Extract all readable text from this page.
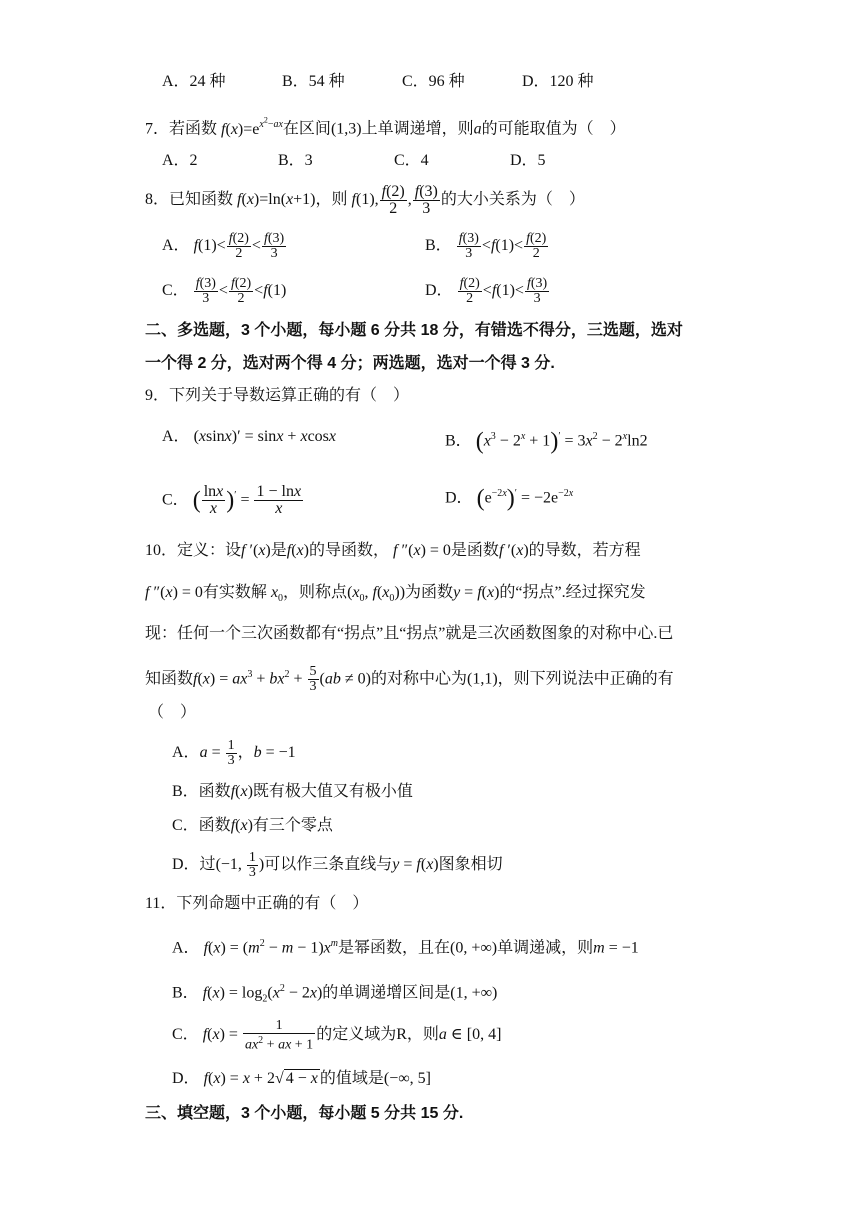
A．24 种	B．54 种	C．96 种	D．120 种
7．若函数 $f(x)=e^{x^2-ax}$在区间(1,3)上单调递增，则a的可能取值为（　）
A．2	B．3	C．4	D．5
8．已知函数 f(x)=ln(x+1)，则 f(1), $\frac{f(2)}{2}$ , $\frac{f(3)}{3}$ 的大小关系为（　）
A． $f(1)< \frac{f(2)}{2} < \frac{f(3)}{3}$	B． $\frac{f(3)}{3} <f(1)< \frac{f(2)}{2}$
C． $\frac{f(3)}{3} < \frac{f(2)}{2} <f(1)$	D． $\frac{f(2)}{2} <f(1)< \frac{f(3)}{3}$
二、多选题，3 个小题，每小题 6 分共 18 分，有错选不得分，三选题，选对
一个得 2 分，选对两个得 4 分；两选题，选对一个得 3 分.
9．下列关于导数运算正确的有（　）
A． (xsinx)′ = sinx + xcosx	B． $(x^3 - 2^x + 1)' = 3x^2 - 2^x\ln 2$
C． ( $\frac{\ln x}{x} )' = \frac{1 - \ln x}{x}$	D． $(e^{-2x})' = -2e^{-2x}$
10．定义：设f ′(x)是f(x)的导函数， f ″(x) = 0是函数f ′(x)的导数，若方程
f ″(x) = 0有实数解 $x_0$，则称点($x_0$, $f(x_0)$)为函数y = f(x)的“拐点”.经过探究发
现：任何一个三次函数都有“拐点”且“拐点”就是三次函数图象的对称中心.已
知函数$f(x) = ax^3 + bx^2 + \frac{5}{3} (ab \ne 0)$的对称中心为(1,1)，则下列说法中正确的有
（　）
A．$a = \frac{1}{3}$ ，b = −1
B．函数f(x)既有极大值又有极小值
C．函数f(x)有三个零点
D．过(−1, $\frac{1}{3}$ )可以作三条直线与y = f(x)图象相切
11．下列命题中正确的有（　）
A． $f(x) = (m^2 - m - 1)x^m$是幂函数，且在(0, +∞)单调递减，则m = −1
B． $f(x) = \log_2(x^2 - 2x)$的单调递增区间是(1, +∞)
C． $f(x) = \frac{1}{ax^2 + ax + 1}$ 的定义域为R，则a ∈ [0, 4]
D． f(x) = x + 2√ 4 − x 的值域是(−∞, 5]
三、填空题，3 个小题，每小题 5 分共 15 分.
